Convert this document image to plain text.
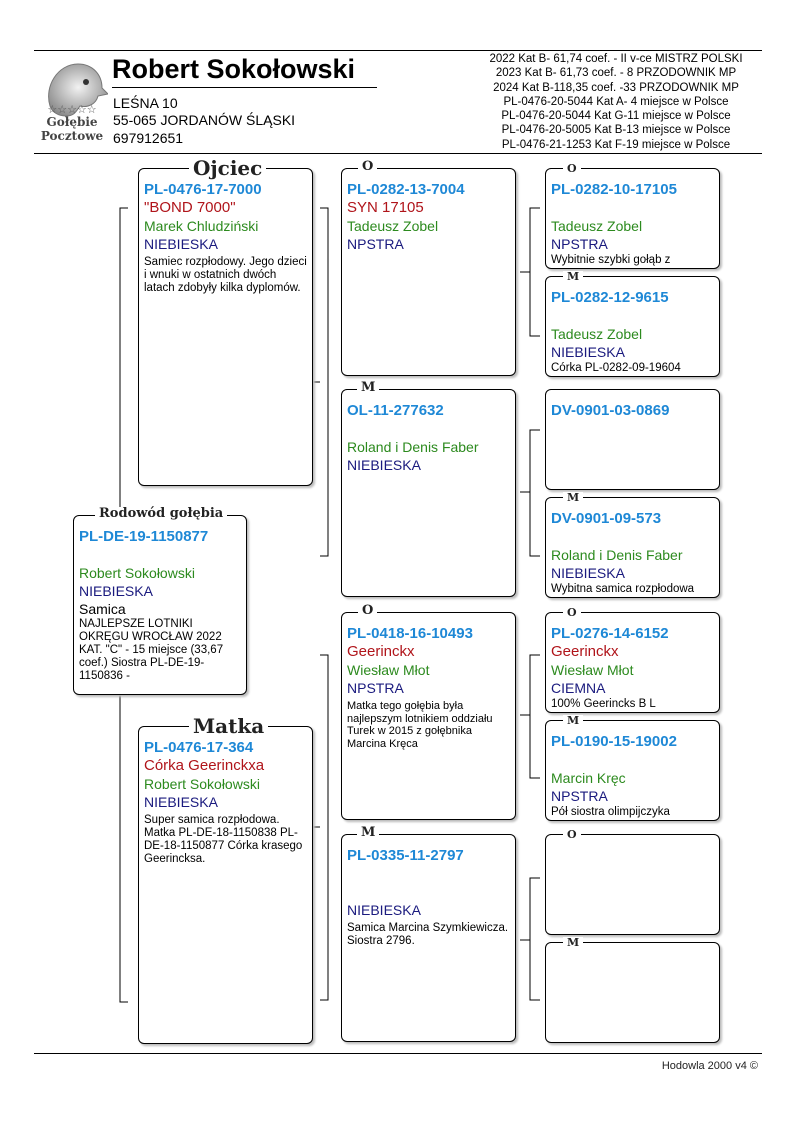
☆☆☆☆☆
Gołębie
Pocztowe
Robert Sokołowski
LEŚNA 10
55-065 JORDANÓW ŚLĄSKI
697912651
2022 Kat B- 61,74 coef. - II v-ce MISTRZ POLSKI
2023 Kat B- 61,73 coef. - 8 PRZODOWNIK MP
2024 Kat B-118,35 coef. -33 PRZODOWNIK MP
PL-0476-20-5044 Kat A- 4 miejsce w Polsce
PL-0476-20-5044 Kat G-11 miejsce w Polsce
PL-0476-20-5005 Kat B-13 miejsce w Polsce
PL-0476-21-1253 Kat F-19 miejsce w Polsce
PL-DE-19-1150877
Robert Sokołowski
NIEBIESKA
Samica
NAJLEPSZE LOTNIKI OKRĘGU WROCŁAW 2022 KAT. "C" - 15 miejsce (33,67 coef.) Siostra PL-DE-19-1150836 -
Rodowód gołębia
PL-0476-17-7000
"BOND 7000"
Marek Chludziński
NIEBIESKA
Samiec rozpłodowy. Jego dzieci i wnuki w ostatnich dwóch latach zdobyły kilka dyplomów.
Ojciec
PL-0476-17-364
Córka Geerinckxa
Robert Sokołowski
NIEBIESKA
Super samica rozpłodowa. Matka PL-DE-18-1150838 PL-DE-18-1150877 Córka krasego Geerincksa.
Matka
PL-0282-13-7004
SYN 17105
Tadeusz Zobel
NPSTRA
O
OL-11-277632
Roland i Denis Faber
NIEBIESKA
M
PL-0418-16-10493
Geerinckx
Wiesław Młot
NPSTRA
Matka tego gołębia była najlepszym lotnikiem oddziału Turek w 2015 z gołębnika Marcina Kręca
O
PL-0335-11-2797
NIEBIESKA
Samica Marcina Szymkiewicza. Siostra 2796.
M
PL-0282-10-17105
Tadeusz Zobel
NPSTRA
Wybitnie szybki gołąb z
O
PL-0282-12-9615
Tadeusz Zobel
NIEBIESKA
Córka PL-0282-09-19604
M
DV-0901-03-0869
DV-0901-09-573
Roland i Denis Faber
NIEBIESKA
Wybitna samica rozpłodowa
M
PL-0276-14-6152
Geerinckx
Wiesław Młot
CIEMNA
100% Geerincks B L
O
PL-0190-15-19002
Marcin Kręc
NPSTRA
Pół siostra olimpijczyka
M
O
M
Hodowla 2000 v4 ©
